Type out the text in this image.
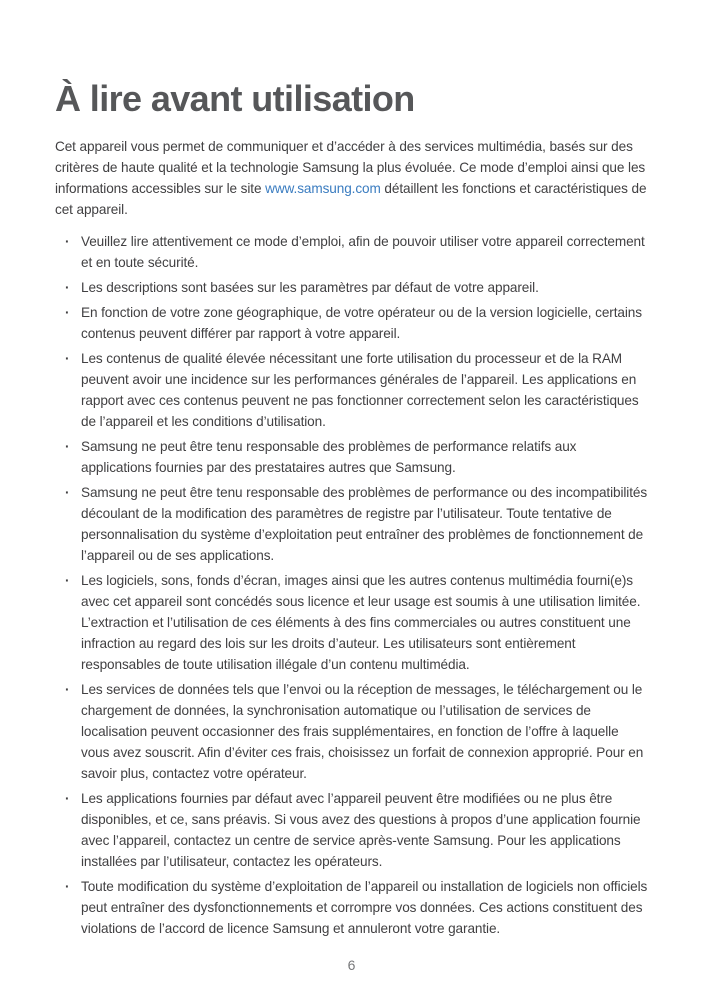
À lire avant utilisation

Cet appareil vous permet de communiquer et d’accéder à des services multimédia, basés sur des critères de haute qualité et la technologie Samsung la plus évoluée. Ce mode d’emploi ainsi que les informations accessibles sur le site www.samsung.com détaillent les fonctions et caractéristiques de cet appareil.

· Veuillez lire attentivement ce mode d’emploi, afin de pouvoir utiliser votre appareil correctement et en toute sécurité.
· Les descriptions sont basées sur les paramètres par défaut de votre appareil.
· En fonction de votre zone géographique, de votre opérateur ou de la version logicielle, certains contenus peuvent différer par rapport à votre appareil.
· Les contenus de qualité élevée nécessitant une forte utilisation du processeur et de la RAM peuvent avoir une incidence sur les performances générales de l’appareil. Les applications en rapport avec ces contenus peuvent ne pas fonctionner correctement selon les caractéristiques de l’appareil et les conditions d’utilisation.
· Samsung ne peut être tenu responsable des problèmes de performance relatifs aux applications fournies par des prestataires autres que Samsung.
· Samsung ne peut être tenu responsable des problèmes de performance ou des incompatibilités découlant de la modification des paramètres de registre par l’utilisateur. Toute tentative de personnalisation du système d’exploitation peut entraîner des problèmes de fonctionnement de l’appareil ou de ses applications.
· Les logiciels, sons, fonds d’écran, images ainsi que les autres contenus multimédia fourni(e)s avec cet appareil sont concédés sous licence et leur usage est soumis à une utilisation limitée. L’extraction et l’utilisation de ces éléments à des fins commerciales ou autres constituent une infraction au regard des lois sur les droits d’auteur. Les utilisateurs sont entièrement responsables de toute utilisation illégale d’un contenu multimédia.
· Les services de données tels que l’envoi ou la réception de messages, le téléchargement ou le chargement de données, la synchronisation automatique ou l’utilisation de services de localisation peuvent occasionner des frais supplémentaires, en fonction de l’offre à laquelle vous avez souscrit. Afin d’éviter ces frais, choisissez un forfait de connexion approprié. Pour en savoir plus, contactez votre opérateur.
· Les applications fournies par défaut avec l’appareil peuvent être modifiées ou ne plus être disponibles, et ce, sans préavis. Si vous avez des questions à propos d’une application fournie avec l’appareil, contactez un centre de service après-vente Samsung. Pour les applications installées par l’utilisateur, contactez les opérateurs.
· Toute modification du système d’exploitation de l’appareil ou installation de logiciels non officiels peut entraîner des dysfonctionnements et corrompre vos données. Ces actions constituent des violations de l’accord de licence Samsung et annuleront votre garantie.
6
